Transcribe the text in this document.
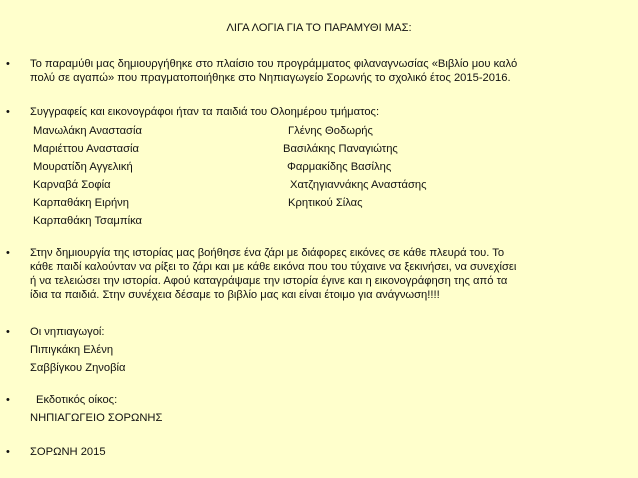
ΛΙΓΑ ΛΟΓΙΑ ΓΙΑ ΤΟ ΠΑΡΑΜΥΘΙ ΜΑΣ:
• Το παραμύθι μας δημιουργήθηκε στο πλαίσιο του προγράμματος φιλαναγνωσίας «Βιβλίο μου καλό
πολύ σε αγαπώ» που πραγματοποιήθηκε στο Νηπιαγωγείο Σορωνής το σχολικό έτος 2015-2016.
• Συγγραφείς και εικονογράφοι ήταν τα παιδιά του Ολοημέρου τμήματος:
Μανωλάκη Αναστασία
Μαριέττου Αναστασία
Μουρατίδη Αγγελική
Καρναβά Σοφία
Καρπαθάκη Ειρήνη
Καρπαθάκη Τσαμπίκα
Γλένης Θοδωρής
Βασιλάκης Παναγιώτης
Φαρμακίδης Βασίλης
Χατζηγιαννάκης Αναστάσης
Κρητικού Σίλας
• Στην δημιουργία της ιστορίας μας βοήθησε ένα ζάρι με διάφορες εικόνες σε κάθε πλευρά του. Το
κάθε παιδί καλούνταν να ρίξει το ζάρι και με κάθε εικόνα που του τύχαινε να ξεκινήσει, να συνεχίσει
ή να τελειώσει την ιστορία. Αφού καταγράψαμε την ιστορία έγινε και η εικονογράφηση της από τα
ίδια τα παιδιά. Στην συνέχεια δέσαμε το βιβλίο μας και είναι έτοιμο για ανάγνωση!!!!
• Οι νηπιαγωγοί:
Πιπιγκάκη Ελένη
Σαββίγκου Ζηνοβία
• Εκδοτικός οίκος:
ΝΗΠΙΑΓΩΓΕΙΟ ΣΟΡΩΝΗΣ
• ΣΟΡΩΝΗ 2015
